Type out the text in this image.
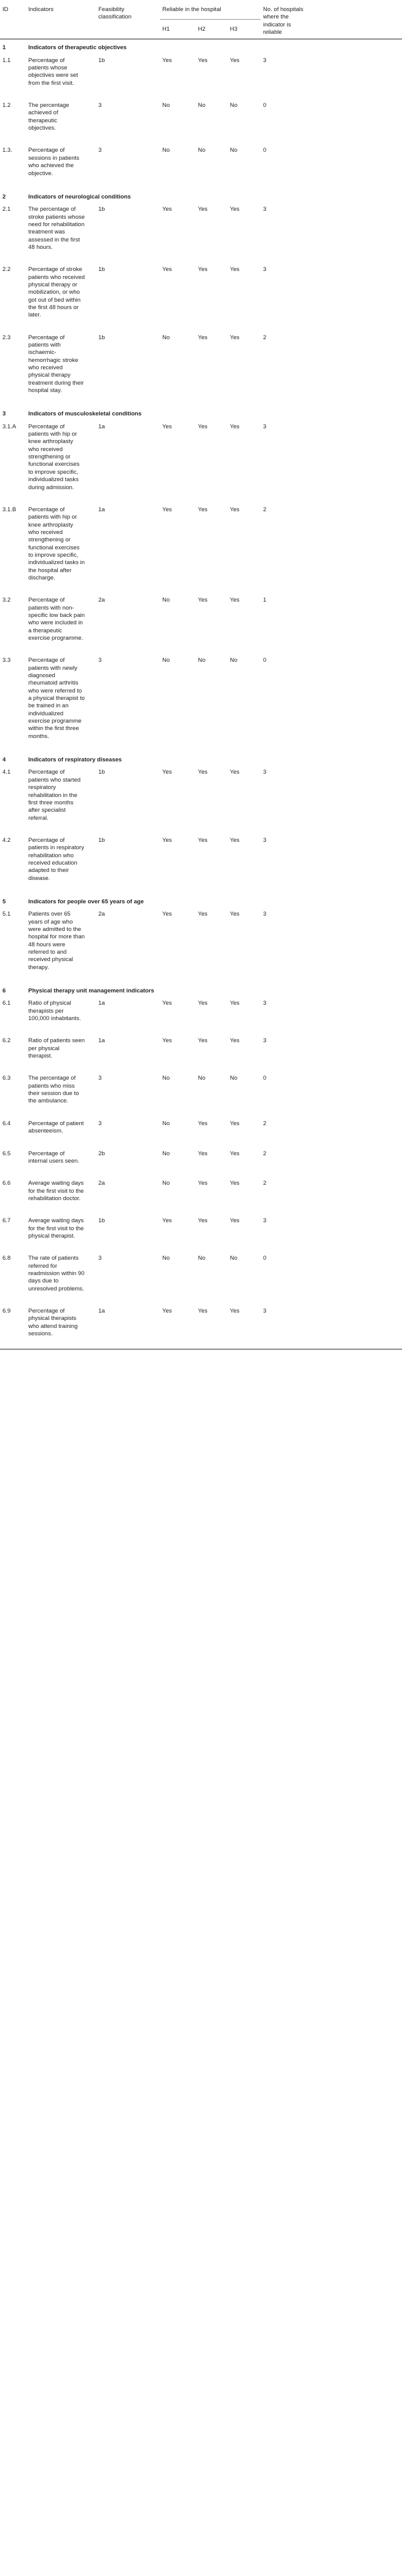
ID	Indicators	Feasibility classification	Reliable in the hospital			No. of hospitals where the indicator is reliable

			H1	H2	H3	
1	Indicators of therapeutic objectives					
1.1	Percentage of patients whose objectives were set from the first visit.	1b	Yes	Yes	Yes	3
1.2	The percentage achieved of therapeutic objectives.	3	No	No	No	0
1.3.	Percentage of sessions in patients who achieved the objective.	3	No	No	No	0
2	Indicators of neurological conditions					
2.1	The percentage of stroke patients whose need for rehabilitation treatment was assessed in the first 48 hours.	1b	Yes	Yes	Yes	3
2.2	Percentage of stroke patients who received physical therapy or mobilization, or who got out of bed within the first 48 hours or later.	1b	Yes	Yes	Yes	3
2.3	Percentage of patients with ischaemic-hemorrhagic stroke who received physical therapy treatment during their hospital stay.	1b	No	Yes	Yes	2
3	Indicators of musculoskeletal conditions					
3.1.A	Percentage of patients with hip or knee arthroplasty who received strengthening or functional exercises to improve specific, individualized tasks during admission.	1a	Yes	Yes	Yes	3
3.1.B	Percentage of patients with hip or knee arthroplasty who received strengthening or functional exercises to improve specific, individualized tasks in the hospital after discharge.	1a	Yes	Yes	Yes	2
3.2	Percentage of patients with non-specific low back pain who were included in a therapeutic exercise programme.	2a	No	Yes	Yes	1
3.3	Percentage of patients with newly diagnosed rheumatoid arthritis who were referred to a physical therapist to be trained in an individualized exercise programme within the first three months.	3	No	No	No	0
4	Indicators of respiratory diseases					
4.1	Percentage of patients who started respiratory rehabilitation in the first three months after specialist referral.	1b	Yes	Yes	Yes	3
4.2	Percentage of patients in respiratory rehabilitation who received education adapted to their disease.	1b	Yes	Yes	Yes	3
5	Indicators for people over 65 years of age					
5.1	Patients over 65 years of age who were admitted to the hospital for more than 48 hours were referred to and received physical therapy.	2a	Yes	Yes	Yes	3
6	Physical therapy unit management indicators					
6.1	Ratio of physical therapists per 100,000 inhabitants.	1a	Yes	Yes	Yes	3
6.2	Ratio of patients seen per physical therapist.	1a	Yes	Yes	Yes	3
6.3	The percentage of patients who miss their session due to the ambulance.	3	No	No	No	0
6.4	Percentage of patient absenteeism.	3	No	Yes	Yes	2
6.5	Percentage of internal users seen.	2b	No	Yes	Yes	2
6.6	Average waiting days for the first visit to the rehabilitation doctor.	2a	No	Yes	Yes	2
6.7	Average waiting days for the first visit to the physical therapist.	1b	Yes	Yes	Yes	3
6.8	The rate of patients referred for readmission within 90 days due to unresolved problems.	3	No	No	No	0
6.9	Percentage of physical therapists who attend training sessions.	1a	Yes	Yes	Yes	3
